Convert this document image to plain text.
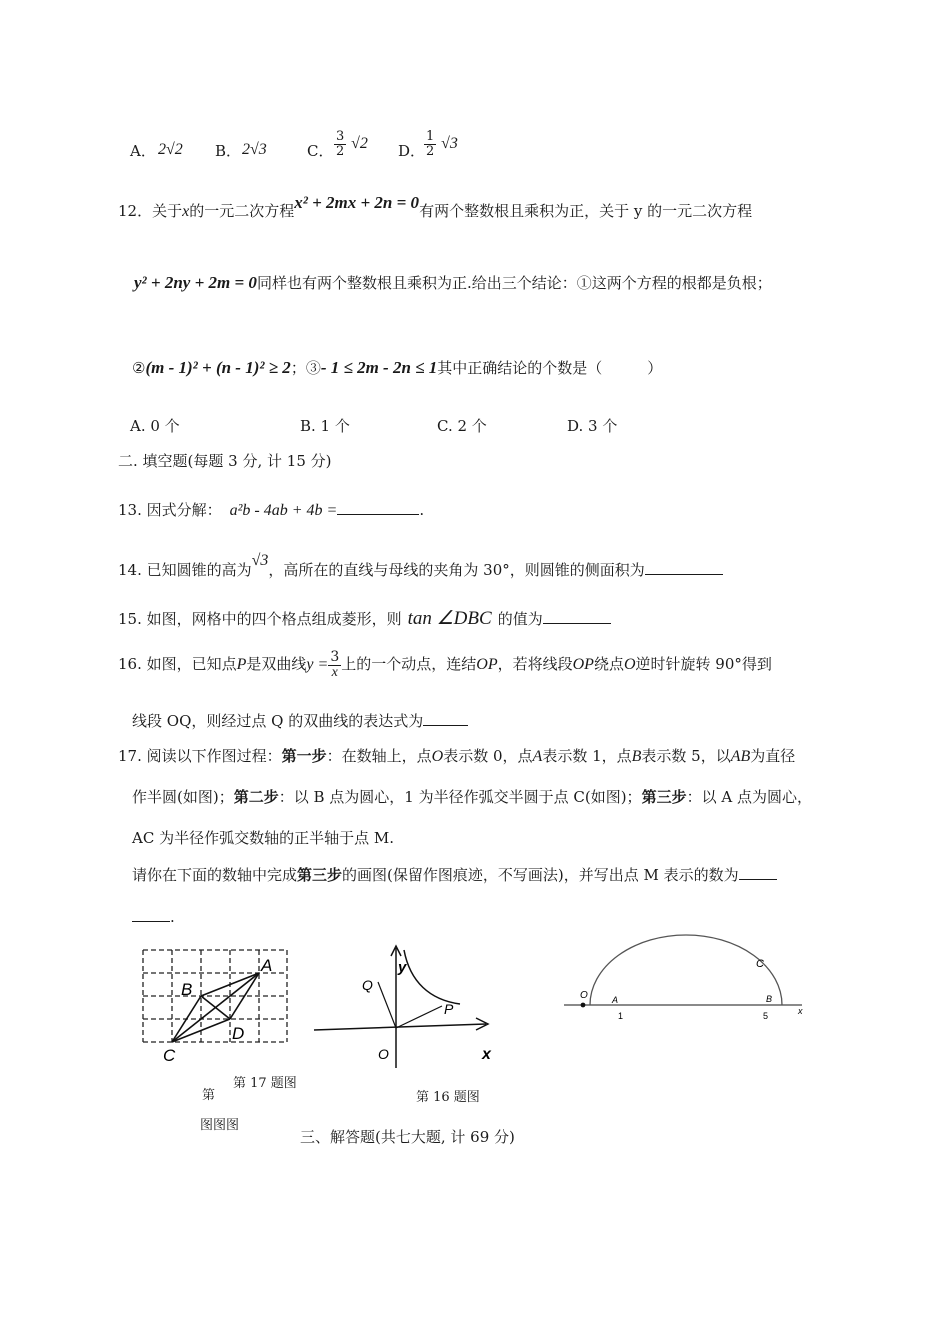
A． 2√2 B． 2√3	C． $\frac{3}{2} √2$ D．
$\frac{1}{2} √3$
12．关于x的一元二次方程x² + 2mx + 2n = 0有两个整数根且乘积为正，关于 y 的一元二次方程
y² + 2ny + 2m = 0同样也有两个整数根且乘积为正.给出三个结论：①这两个方程的根都是负根；
②(m - 1)² + (n - 1)² ≥ 2；③- 1 ≤ 2m - 2n ≤ 1其中正确结论的个数是（　　　）
A. 0 个	B. 1 个	C. 2 个	D. 3 个
二. 填空题(每题 3 分, 计 15 分)
13. 因式分解： a²b - 4ab + 4b =	.
14. 已知圆锥的高为√3，高所在的直线与母线的夹角为 30°，则圆锥的侧面积为
15. 如图，网格中的四个格点组成菱形，则 tan ∠DBC 的值为
16. 如图，已知点P是双曲线$y = \frac{3}{x}$ 上的一个动点，连结OP，若将线段OP绕点O逆时针旋转 90°得到
线段 OQ，则经过点 Q 的双曲线的表达式为
17. 阅读以下作图过程：第一步：在数轴上，点O表示数 0，点A表示数 1，点B表示数 5，以AB为直径
作半圆(如图)；第二步：以 B 点为圆心，1 为半径作弧交半圆于点 C(如图)；第三步：以 A 点为圆心，
AC 为半径作弧交数轴的正半轴于点 M.
请你在下面的数轴中完成第三步的画图(保留作图痕迹，不写画法)，并写出点 M 表示的数为
.
A
B
C
D
y
Q
P
O	x
O	A
1	5
B
C
x
第 17 题图
第
图图图
第 16 题图
三、解答题(共七大题, 计 69 分)
